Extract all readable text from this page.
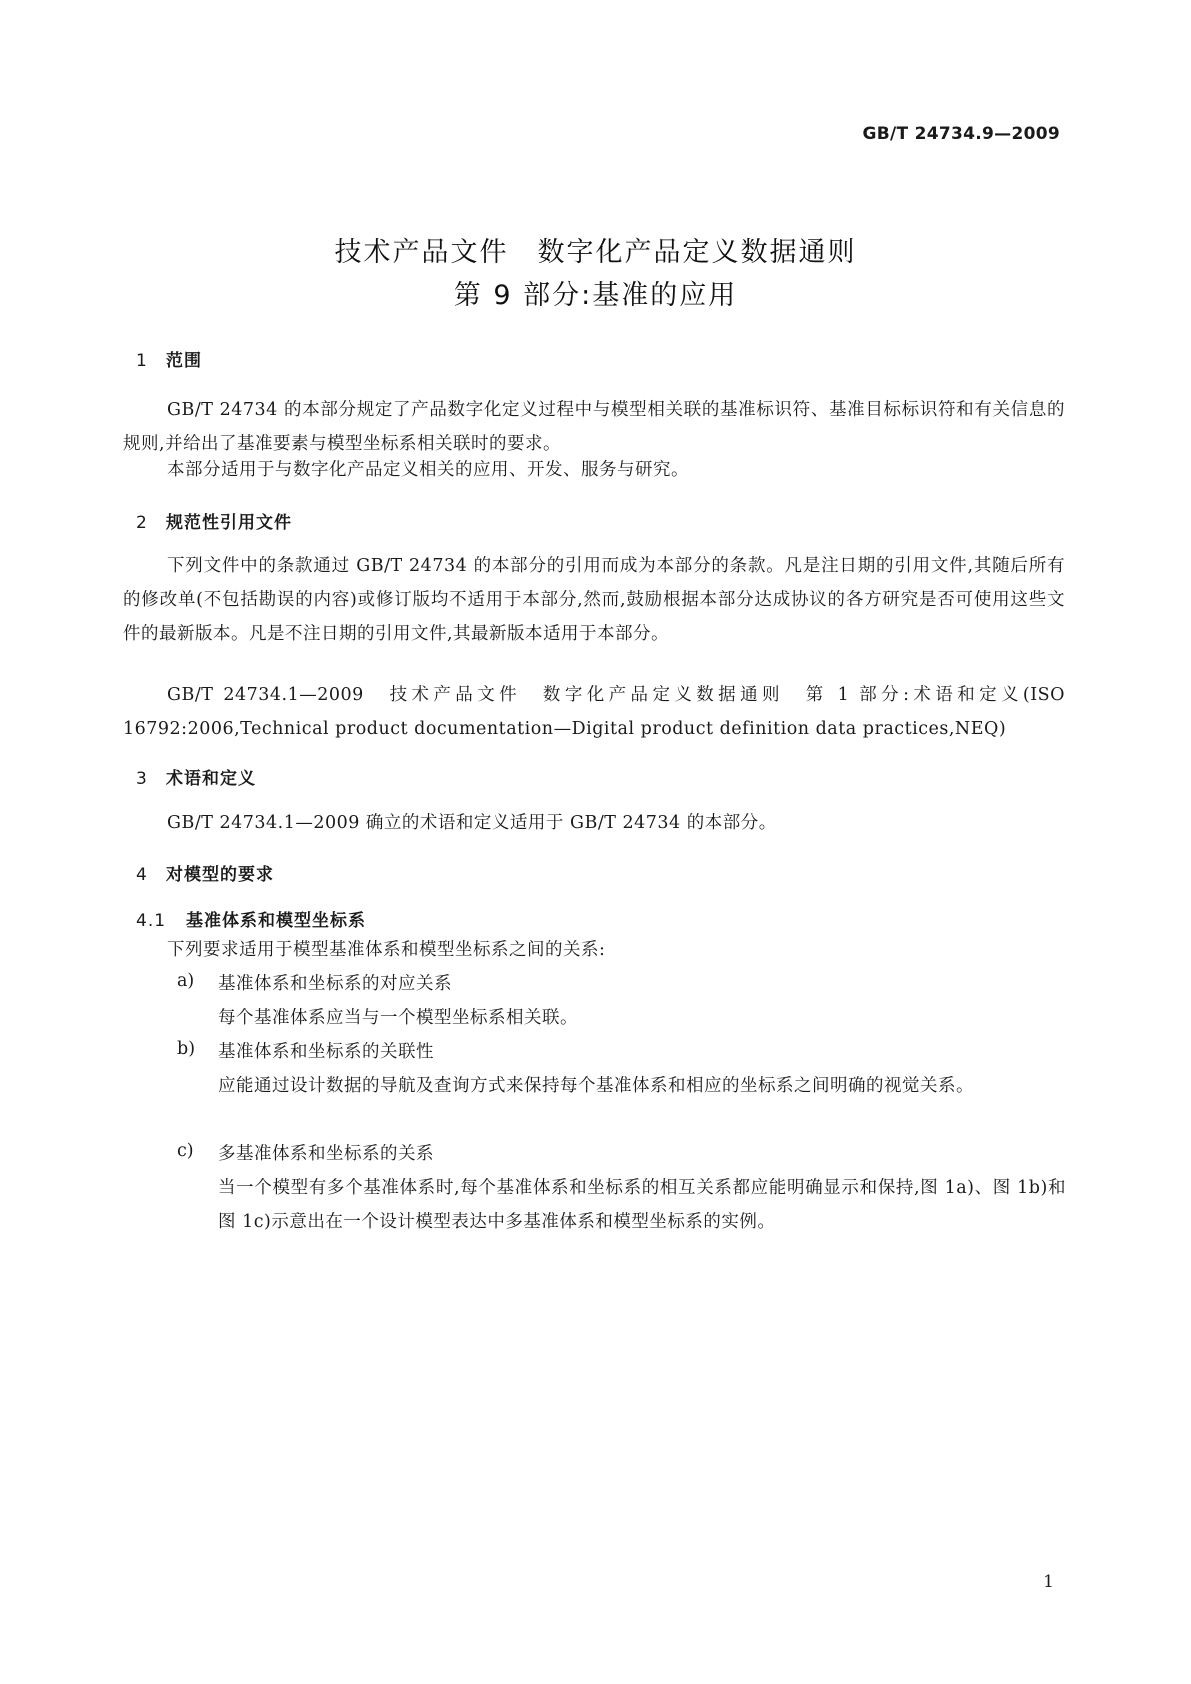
GB/T 24734.9—2009
技术产品文件　数字化产品定义数据通则
第 9 部分:基准的应用
1 范围
GB/T 24734 的本部分规定了产品数字化定义过程中与模型相关联的基准标识符、基准目标标识符和有关信息的规则,并给出了基准要素与模型坐标系相关联时的要求。
本部分适用于与数字化产品定义相关的应用、开发、服务与研究。
2 规范性引用文件
下列文件中的条款通过 GB/T 24734 的本部分的引用而成为本部分的条款。凡是注日期的引用文件,其随后所有的修改单(不包括勘误的内容)或修订版均不适用于本部分,然而,鼓励根据本部分达成协议的各方研究是否可使用这些文件的最新版本。凡是不注日期的引用文件,其最新版本适用于本部分。
GB/T 24734.1—2009　技术产品文件　数字化产品定义数据通则　第 1 部分:术语和定义(ISO 16792:2006,Technical product documentation—Digital product definition data practices,NEQ)
3 术语和定义
GB/T 24734.1—2009 确立的术语和定义适用于 GB/T 24734 的本部分。
4 对模型的要求
4.1 基准体系和模型坐标系
下列要求适用于模型基准体系和模型坐标系之间的关系:
a) 基准体系和坐标系的对应关系
每个基准体系应当与一个模型坐标系相关联。
b) 基准体系和坐标系的关联性
应能通过设计数据的导航及查询方式来保持每个基准体系和相应的坐标系之间明确的视觉关系。
c) 多基准体系和坐标系的关系
当一个模型有多个基准体系时,每个基准体系和坐标系的相互关系都应能明确显示和保持,图 1a)、图 1b)和图 1c)示意出在一个设计模型表达中多基准体系和模型坐标系的实例。
1
